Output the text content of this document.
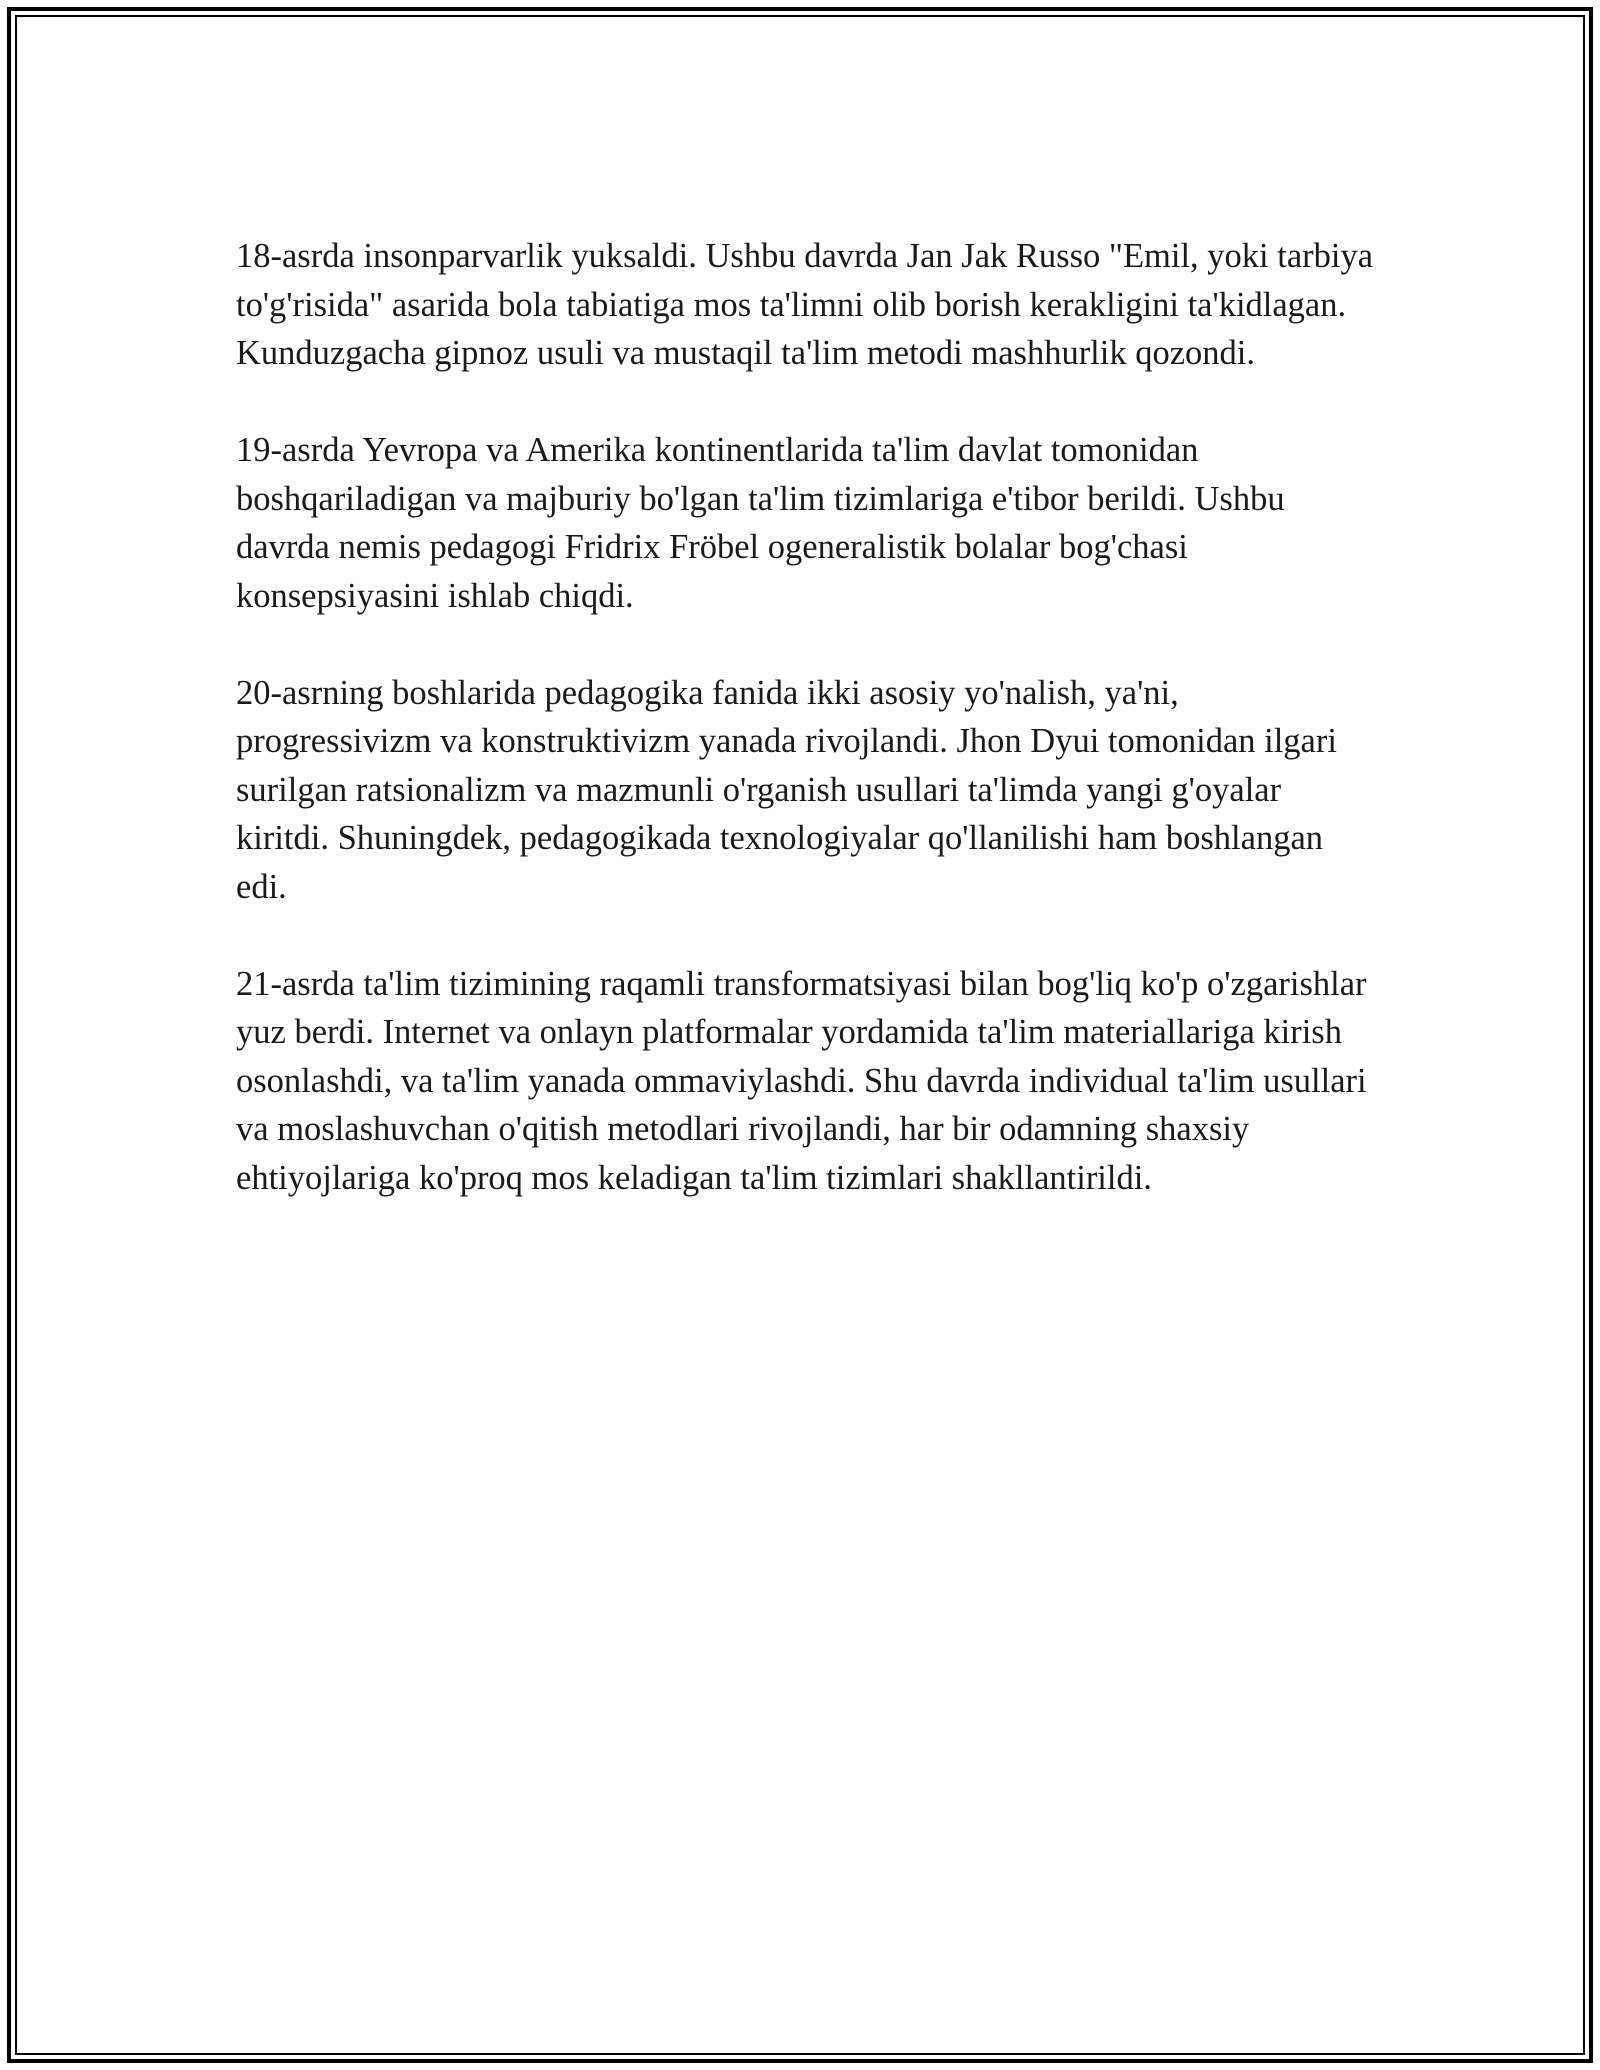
18-asrda insonparvarlik yuksaldi. Ushbu davrda Jan Jak Russo "Emil, yoki tarbiya to'g'risida" asarida bola tabiatiga mos ta'limni olib borish kerakligini ta'kidlagan. Kunduzgacha gipnoz usuli va mustaqil ta'lim metodi mashhurlik qozondi.

19-asrda Yevropa va Amerika kontinentlarida ta'lim davlat tomonidan boshqariladigan va majburiy bo'lgan ta'lim tizimlariga e'tibor berildi. Ushbu davrda nemis pedagogi Fridrix Fröbel ogeneralistik bolalar bog'chasi konsepsiyasini ishlab chiqdi.

20-asrning boshlarida pedagogika fanida ikki asosiy yo'nalish, ya'ni, progressivizm va konstruktivizm yanada rivojlandi. Jhon Dyui tomonidan ilgari surilgan ratsionalizm va mazmunli o'rganish usullari ta'limda yangi g'oyalar kiritdi. Shuningdek, pedagogikada texnologiyalar qo'llanilishi ham boshlangan edi.

21-asrda ta'lim tizimining raqamli transformatsiyasi bilan bog'liq ko'p o'zgarishlar yuz berdi. Internet va onlayn platformalar yordamida ta'lim materiallariga kirish osonlashdi, va ta'lim yanada ommaviylashdi. Shu davrda individual ta'lim usullari va moslashuvchan o'qitish metodlari rivojlandi, har bir odamning shaxsiy ehtiyojlariga ko'proq mos keladigan ta'lim tizimlari shakllantirildi.
